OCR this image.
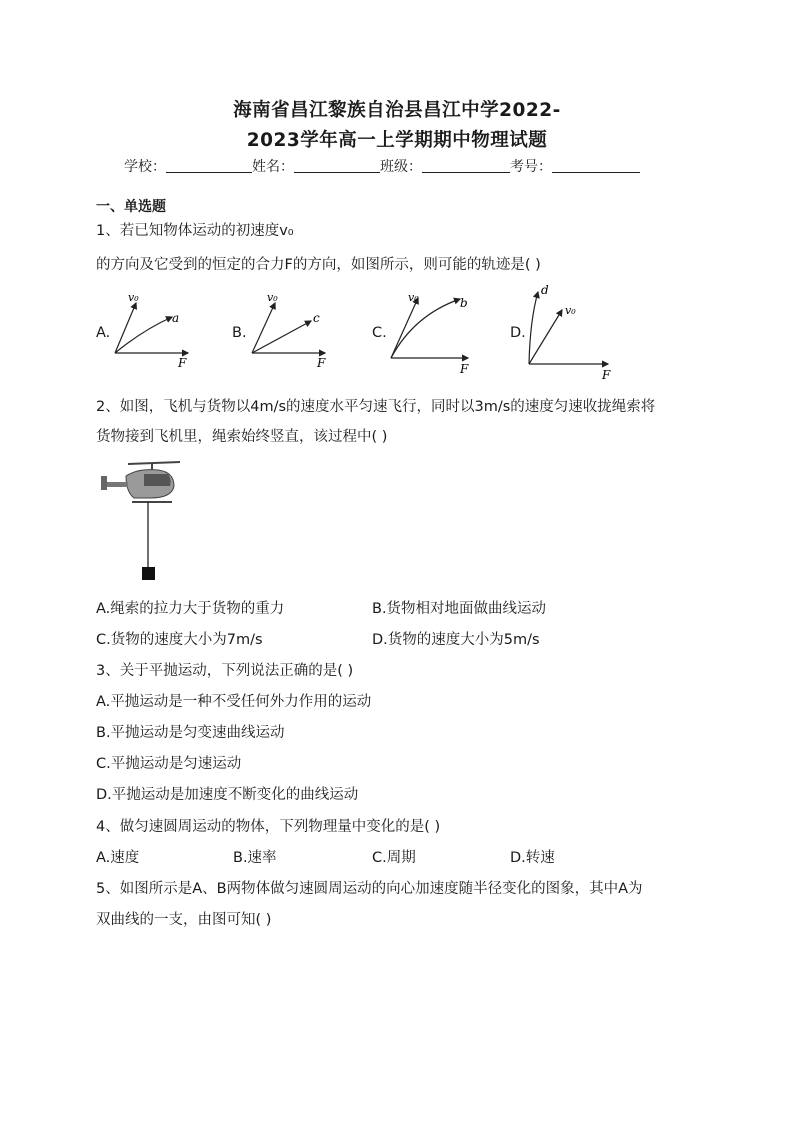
海南省昌江黎族自治县昌江中学2022-
2023学年高一上学期期中物理试题
学校：	姓名：	班级：	考号：
一、单选题
1、若已知物体运动的初速度v₀
的方向及它受到的恒定的合力F的方向，如图所示，则可能的轨迹是( )
A.
v₀
a
F
B.
v₀
c
F
C.
v₀	b
F
D.
d
v₀
F
2、如图，飞机与货物以4m/s的速度水平匀速飞行，同时以3m/s的速度匀速收拢绳索将
货物接到飞机里，绳索始终竖直，该过程中( )
A.绳索的拉力大于货物的重力	B.货物相对地面做曲线运动
C.货物的速度大小为7m/s	D.货物的速度大小为5m/s
3、关于平抛运动，下列说法正确的是( )
A.平抛运动是一种不受任何外力作用的运动
B.平抛运动是匀变速曲线运动
C.平抛运动是匀速运动
D.平抛运动是加速度不断变化的曲线运动
4、做匀速圆周运动的物体，下列物理量中变化的是( )
A.速度	B.速率	C.周期	D.转速
5、如图所示是A、B两物体做匀速圆周运动的向心加速度随半径变化的图象，其中A为
双曲线的一支，由图可知( )
